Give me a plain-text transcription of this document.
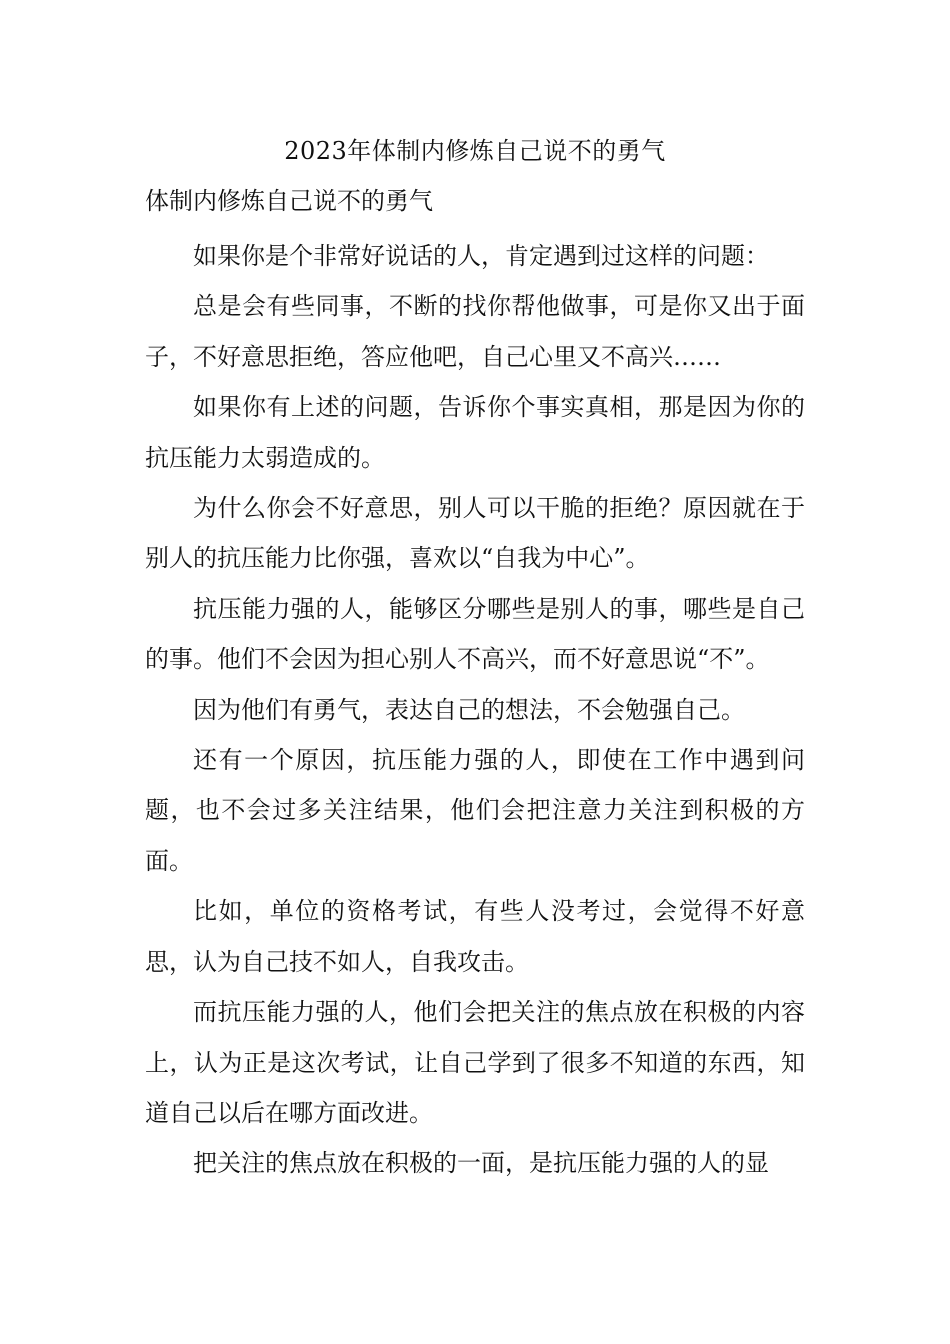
2023年体制内修炼自己说不的勇气
体制内修炼自己说不的勇气

如果你是个非常好说话的人，肯定遇到过这样的问题：

总是会有些同事，不断的找你帮他做事，可是你又出于面子，不好意思拒绝，答应他吧，自己心里又不高兴……

如果你有上述的问题，告诉你个事实真相，那是因为你的抗压能力太弱造成的。

为什么你会不好意思，别人可以干脆的拒绝？原因就在于别人的抗压能力比你强，喜欢以“自我为中心”。

抗压能力强的人，能够区分哪些是别人的事，哪些是自己的事。他们不会因为担心别人不高兴，而不好意思说“不”。

因为他们有勇气，表达自己的想法，不会勉强自己。

还有一个原因，抗压能力强的人，即使在工作中遇到问题，也不会过多关注结果，他们会把注意力关注到积极的方面。

比如，单位的资格考试，有些人没考过，会觉得不好意思，认为自己技不如人，自我攻击。

而抗压能力强的人，他们会把关注的焦点放在积极的内容上，认为正是这次考试，让自己学到了很多不知道的东西，知道自己以后在哪方面改进。

把关注的焦点放在积极的一面，是抗压能力强的人的显
